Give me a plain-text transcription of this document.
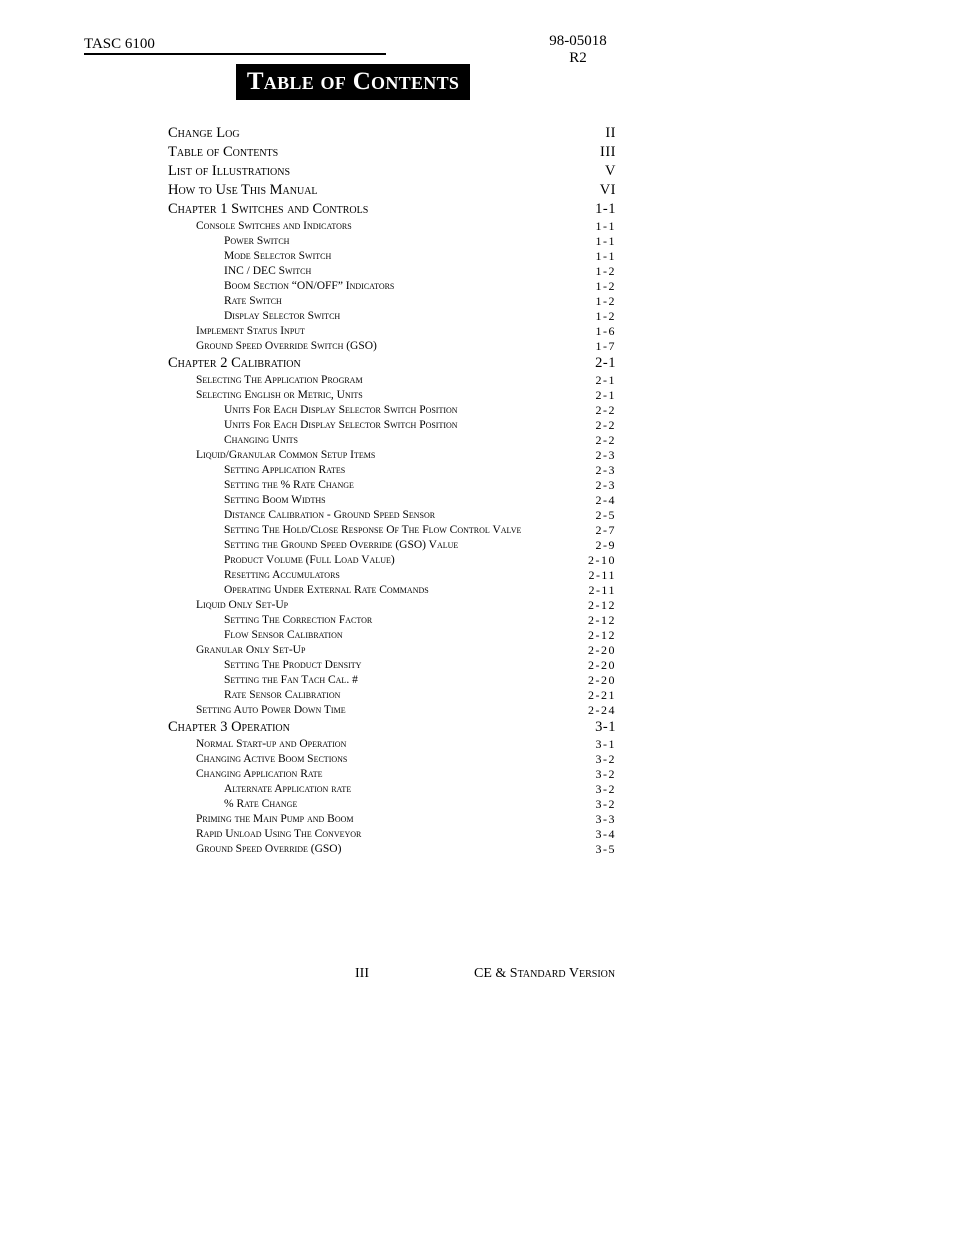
TASC 6100	98-05018
R2
Table of Contents
Change Log	II
Table of Contents	III
List of Illustrations	V
How to Use This Manual	VI
Chapter 1 Switches and Controls	1-1
Console Switches and Indicators	1-1
Power Switch	1-1
Mode Selector Switch	1-1
INC / DEC Switch	1-2
Boom Section “ON/OFF” Indicators	1-2
Rate Switch	1-2
Display Selector Switch	1-2
Implement Status Input	1-6
Ground Speed Override Switch (GSO)	1-7
Chapter 2 Calibration	2-1
Selecting The Application Program	2-1
Selecting English or Metric, Units	2-1
Units For Each Display Selector Switch Position	2-2
Units For Each Display Selector Switch Position	2-2
Changing Units	2-2
Liquid/Granular Common Setup Items	2-3
Setting Application Rates	2-3
Setting the % Rate Change	2-3
Setting Boom Widths	2-4
Distance Calibration - Ground Speed Sensor	2-5
Setting The Hold/Close Response Of The Flow Control Valve	2-7
Setting the Ground Speed Override (GSO) Value	2-9
Product Volume (Full Load Value)	2-10
Resetting Accumulators	2-11
Operating Under External Rate Commands	2-11
Liquid Only Set-Up	2-12
Setting The Correction Factor	2-12
Flow Sensor Calibration	2-12
Granular Only Set-Up	2-20
Setting The Product Density	2-20
Setting the Fan Tach Cal. #	2-20
Rate Sensor Calibration	2-21
Setting Auto Power Down Time	2-24
Chapter 3 Operation	3-1
Normal Start-up and Operation	3-1
Changing Active Boom Sections	3-2
Changing Application Rate	3-2
Alternate Application rate	3-2
% Rate Change	3-2
Priming the Main Pump and Boom	3-3
Rapid Unload Using The Conveyor	3-4
Ground Speed Override (GSO)	3-5
III	CE & Standard Version
